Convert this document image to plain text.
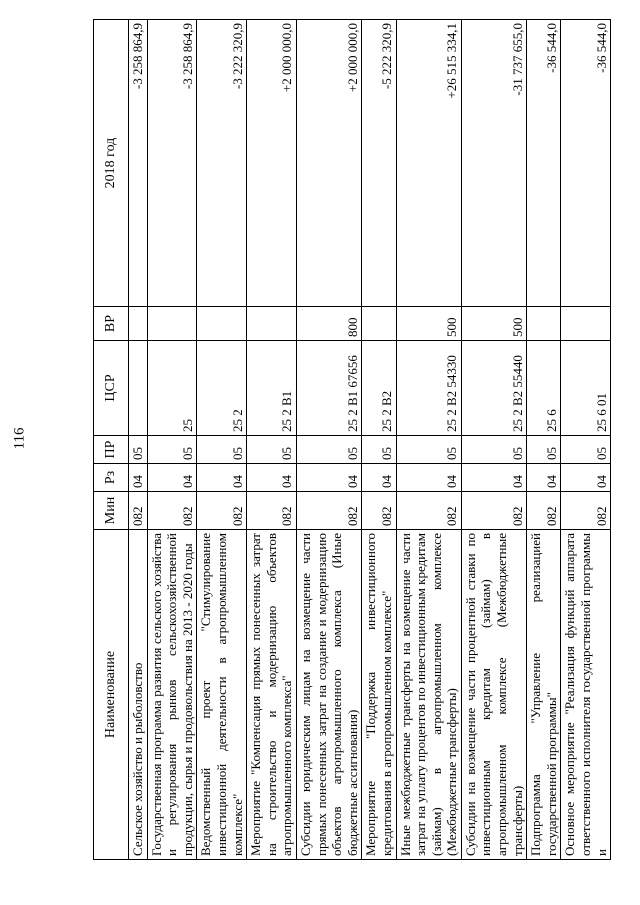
116
Наименование	Мин	Рз	ПР	ЦСР	ВР	2018 год
Сельское хозяйство и рыболовство	082	04	05			-3 258 864,9
Государственная программа развития сельского хозяйства и регулирования рынков сельскохозяйственной продукции, сырья и продовольствия на 2013 - 2020 годы	082	04	05	25		-3 258 864,9
Ведомственный проект "Стимулирование инвестиционной деятельности в агропромышленном комплексе"	082	04	05	25 2		-3 222 320,9
Мероприятие "Компенсация прямых понесенных затрат на строительство и модернизацию объектов агропромышленного комплекса"	082	04	05	25 2 В1		+2 000 000,0
Субсидии юридическим лицам на возмещение части прямых понесенных затрат на создание и модернизацию объектов агропромышленного комплекса (Иные бюджетные ассигнования)	082	04	05	25 2 В1 67656	800	+2 000 000,0
Мероприятие "Поддержка инвестиционного кредитования в агропромышленном комплексе"	082	04	05	25 2 В2		-5 222 320,9
Иные межбюджетные трансферты на возмещение части затрат на уплату процентов по инвестиционным кредитам (займам) в агропромышленном комплексе (Межбюджетные трансферты)	082	04	05	25 2 В2 54330	500	+26 515 334,1
Субсидии на возмещение части процентной ставки по инвестиционным кредитам (займам) в агропромышленном комплексе (Межбюджетные трансферты)	082	04	05	25 2 В2 55440	500	-31 737 655,0
Подпрограмма "Управление реализацией государственной программы"	082	04	05	25 6		-36 544,0
Основное мероприятие "Реализация функций аппарата ответственного исполнителя государственной программы и	082	04	05	25 6 01		-36 544,0
